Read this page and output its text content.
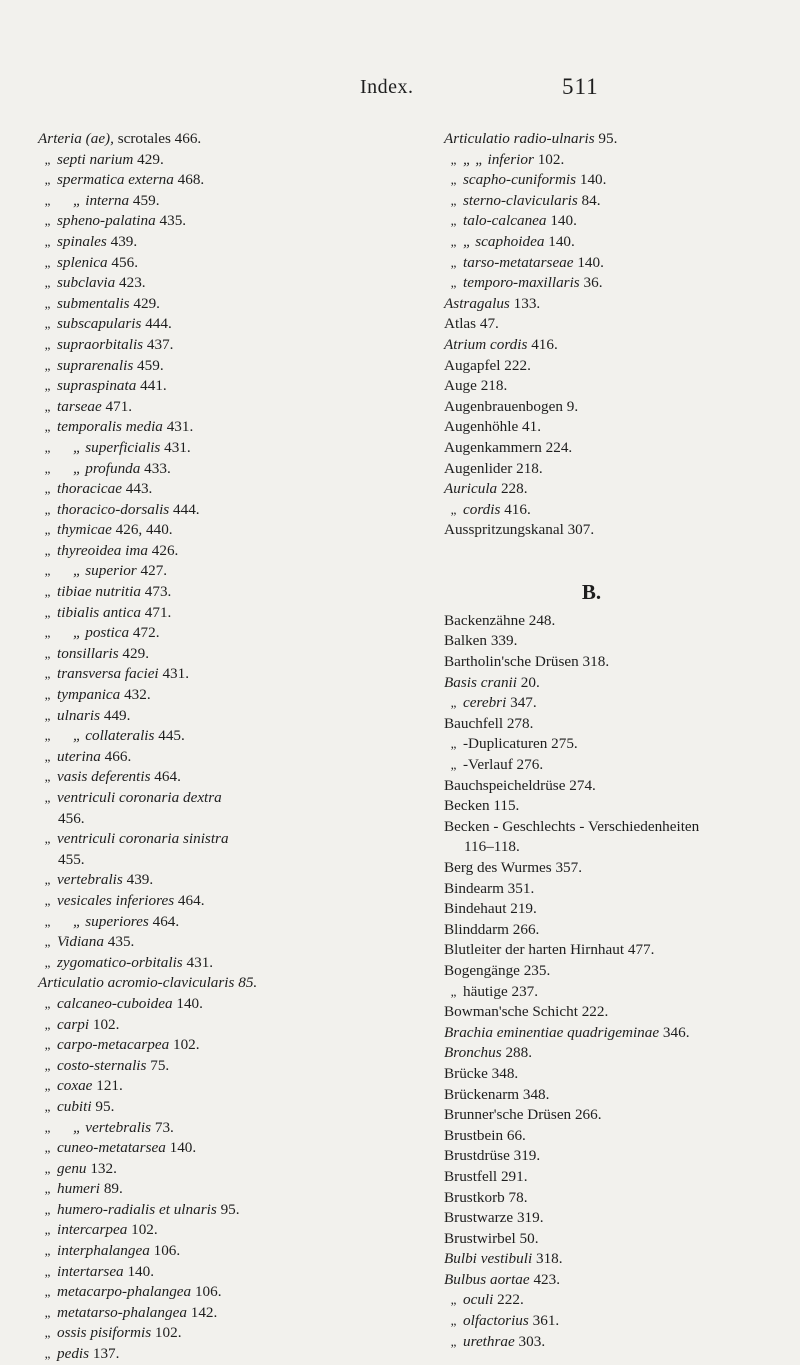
Index.	511
Arteria (ae), scrotales 466.
„ septi narium 429.
„ spermatica externa 468.
„ „ interna 459.
„ spheno-palatina 435.
„ spinales 439.
„ splenica 456.
„ subclavia 423.
„ submentalis 429.
„ subscapularis 444.
„ supraorbitalis 437.
„ suprarenalis 459.
„ supraspinata 441.
„ tarseae 471.
„ temporalis media 431.
„ „ superficialis 431.
„ „ profunda 433.
„ thoracicae 443.
„ thoracico-dorsalis 444.
„ thymicae 426, 440.
„ thyreoidea ima 426.
„ „ superior 427.
„ tibiae nutritia 473.
„ tibialis antica 471.
„ „ postica 472.
„ tonsillaris 429.
„ transversa faciei 431.
„ tympanica 432.
„ ulnaris 449.
„ „ collateralis 445.
„ uterina 466.
„ vasis deferentis 464.
„ ventriculi coronaria dextra
456.
„ ventriculi coronaria sinistra
455.
„ vertebralis 439.
„ vesicales inferiores 464.
„ „ superiores 464.
„ Vidiana 435.
„ zygomatico-orbitalis 431.
Articulatio acromio-clavicularis 85.
„ calcaneo-cuboidea 140.
„ carpi 102.
„ carpo-metacarpea 102.
„ costo-sternalis 75.
„ coxae 121.
„ cubiti 95.
„ „ vertebralis 73.
„ cuneo-metatarsea 140.
„ genu 132.
„ humeri 89.
„ humero-radialis et ulnaris 95.
„ intercarpea 102.
„ interphalangea 106.
„ intertarsea 140.
„ metacarpo-phalangea 106.
„ metatarso-phalangea 142.
„ ossis pisiformis 102.
„ pedis 137.
Articulatio radio-ulnaris 95.
„ „ „ inferior 102.
„ scapho-cuniformis 140.
„ sterno-clavicularis 84.
„ talo-calcanea 140.
„ „ scaphoidea 140.
„ tarso-metatarseae 140.
„ temporo-maxillaris 36.
Astragalus 133.
Atlas 47.
Atrium cordis 416.
Augapfel 222.
Auge 218.
Augenbrauenbogen 9.
Augenhöhle 41.
Augenkammern 224.
Augenlider 218.
Auricula 228.
„ cordis 416.
Ausspritzungskanal 307.
B.
Backenzähne 248.
Balken 339.
Bartholin'sche Drüsen 318.
Basis cranii 20.
„ cerebri 347.
Bauchfell 278.
„ -Duplicaturen 275.
„ -Verlauf 276.
Bauchspeicheldrüse 274.
Becken 115.
Becken - Geschlechts - Verschiedenheiten
116–118.
Berg des Wurmes 357.
Bindearm 351.
Bindehaut 219.
Blinddarm 266.
Blutleiter der harten Hirnhaut 477.
Bogengänge 235.
„ häutige 237.
Bowman'sche Schicht 222.
Brachia eminentiae quadrigeminae 346.
Bronchus 288.
Brücke 348.
Brückenarm 348.
Brunner'sche Drüsen 266.
Brustbein 66.
Brustdrüse 319.
Brustfell 291.
Brustkorb 78.
Brustwarze 319.
Brustwirbel 50.
Bulbi vestibuli 318.
Bulbus aortae 423.
„ oculi 222.
„ olfactorius 361.
„ urethrae 303.
